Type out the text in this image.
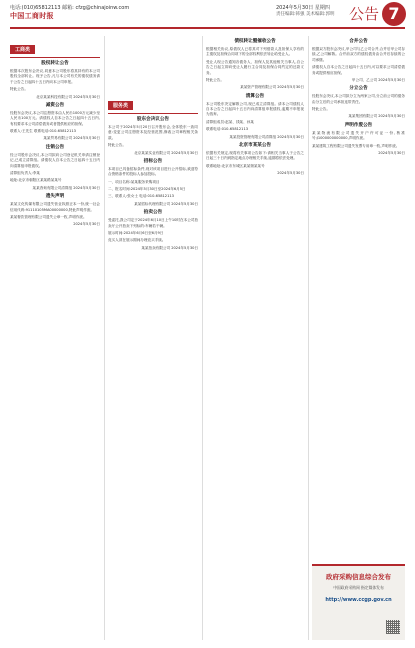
电话:(010)65812113 邮箱: cfzg@chinajoinw.com
中国工商时报
2024年5月30日 星期四
责任编辑:韩强 美术编辑:郭明 公告 7
工商类
股权转让公告
根据本次股东会决议,同意本公司股东将其持有的本公司股权全部转让。现予公告,凡与本公司有关的债权债务请于公告之日起四十五日内向本公司申报。
特此公告。
北京某某科技有限公司 2024年5月30日
减资公告
经股东会决议,本公司注册资本由人民币1000万元减少至人民币100万元。请债权人自本公告之日起四十五日内,有权要求本公司清偿债务或者提供相应的担保。
联系人:王先生 联系电话:010-65812113
某某贸易有限公司 2024年5月30日
注销公告
经公司股东会决议,本公司拟向公司登记机关申请注销登记,已成立清算组。请债权人自本公告之日起四十五日内向清算组申报债权。
清算组负责人:李某
地址:北京市朝阳区某某路某某号
某某咨询有限公司清算组 2024年5月30日
遗失声明
某某文化传媒有限公司遗失营业执照正本一份,统一社会信用代码:91110105MA00000000,特此声明作废。
某某餐饮管理有限公司遗失公章一枚,声明作废。
2024年5月30日
服务类
股东会决议公告
本公司于2024年5月20日召开股东会,全体股东一致同意:变更公司注册资本及经营范围,修改公司章程相关条款。
特此公告。
北京某某实业有限公司 2024年5月30日
招标公告
本项目已具备招标条件,现对该项目进行公开招标,欢迎符合资格条件的投标人参加投标。
一、项目名称:某某服务采购项目
二、报名时间:2024年5月30日至2024年6月5日
三、联系人:张女士 电话:010-65812113
某某招标代理有限公司 2024年5月30日
拍卖公告
受委托,我公司定于2024年6月10日上午10时在本公司拍卖厅公开拍卖下列标的:车辆若干辆。
展示时间:2024年6月6日至6月9日
竞买人须在展示期间办理竞买手续。
某某拍卖有限公司 2024年5月30日
债权转让暨催收公告
根据相关协议,原债权人已将其对下列借款人及担保人享有的主债权及担保合同项下的全部权利依法转让给受让人。
受让人现公告通知各债务人、担保人及其他相关当事人,自公告之日起立即向受让人履行主合同及担保合同约定的还款义务。
特此公告。
某某资产管理有限公司 2024年5月30日
清算公告
本公司股东决定解散公司,现已成立清算组。请本公司债权人自本公告之日起四十五日内向清算组申报债权,逾期不申报视为放弃。
清算组成员:赵某、钱某、孙某
联系电话:010-65812113
某某投资管理有限公司清算组 2024年5月30日
北京市某某公告
依据有关规定,现将有关事项公告如下:请相关当事人于公告之日起三十日内到指定地点办理相关手续,逾期将依法处理。
联系地址:北京市东城区某某街某某号
2024年5月30日
合并公告
根据双方股东会决议,甲公司与乙公司合并,合并后甲公司存续,乙公司解散。合并前双方的债权债务由合并后存续的公司承继。
请债权人自本公告之日起四十五日内,可以要求公司清偿债务或提供相应担保。
甲公司、乙公司 2024年5月30日
分立公告
经股东会决议,本公司拟分立为两家公司,分立前公司的债务由分立后的公司承担连带责任。
特此公告。
某某集团有限公司 2024年5月30日
声明作废公告
某某物流有限公司遗失开户许可证一份,核准号:J1000000000000,声明作废。
某某建筑工程有限公司遗失发票专用章一枚,声明作废。
2024年5月30日
政府采购信息综合发布
中国政府采购网 指定媒体发布
http://www.ccgp.gov.cn
